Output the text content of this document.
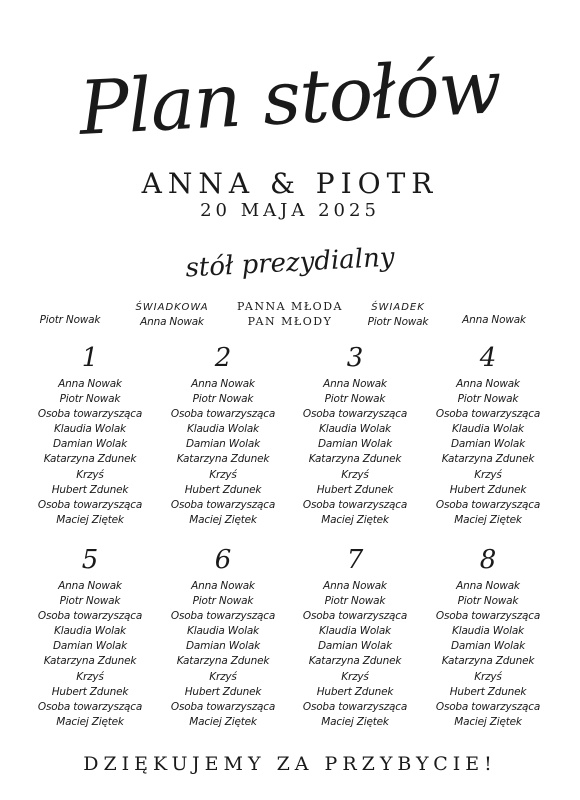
Plan stołów
ANNA & PIOTR
20 MAJA 2025
stół prezydialny
Piotr Nowak
ŚWIADKOWA
Anna Nowak
PANNA MŁODA
PAN MŁODY
ŚWIADEK
Piotr Nowak	Anna Nowak
1
Anna Nowak
Piotr Nowak
Osoba towarzysząca
Klaudia Wolak
Damian Wolak
Katarzyna Zdunek
Krzyś
Hubert Zdunek
Osoba towarzysząca
Maciej Ziętek
2
Anna Nowak
Piotr Nowak
Osoba towarzysząca
Klaudia Wolak
Damian Wolak
Katarzyna Zdunek
Krzyś
Hubert Zdunek
Osoba towarzysząca
Maciej Ziętek
3
Anna Nowak
Piotr Nowak
Osoba towarzysząca
Klaudia Wolak
Damian Wolak
Katarzyna Zdunek
Krzyś
Hubert Zdunek
Osoba towarzysząca
Maciej Ziętek
4
Anna Nowak
Piotr Nowak
Osoba towarzysząca
Klaudia Wolak
Damian Wolak
Katarzyna Zdunek
Krzyś
Hubert Zdunek
Osoba towarzysząca
Maciej Ziętek
5
Anna Nowak
Piotr Nowak
Osoba towarzysząca
Klaudia Wolak
Damian Wolak
Katarzyna Zdunek
Krzyś
Hubert Zdunek
Osoba towarzysząca
Maciej Ziętek
6
Anna Nowak
Piotr Nowak
Osoba towarzysząca
Klaudia Wolak
Damian Wolak
Katarzyna Zdunek
Krzyś
Hubert Zdunek
Osoba towarzysząca
Maciej Ziętek
7
Anna Nowak
Piotr Nowak
Osoba towarzysząca
Klaudia Wolak
Damian Wolak
Katarzyna Zdunek
Krzyś
Hubert Zdunek
Osoba towarzysząca
Maciej Ziętek
8
Anna Nowak
Piotr Nowak
Osoba towarzysząca
Klaudia Wolak
Damian Wolak
Katarzyna Zdunek
Krzyś
Hubert Zdunek
Osoba towarzysząca
Maciej Ziętek
DZIĘKUJEMY ZA PRZYBYCIE!
